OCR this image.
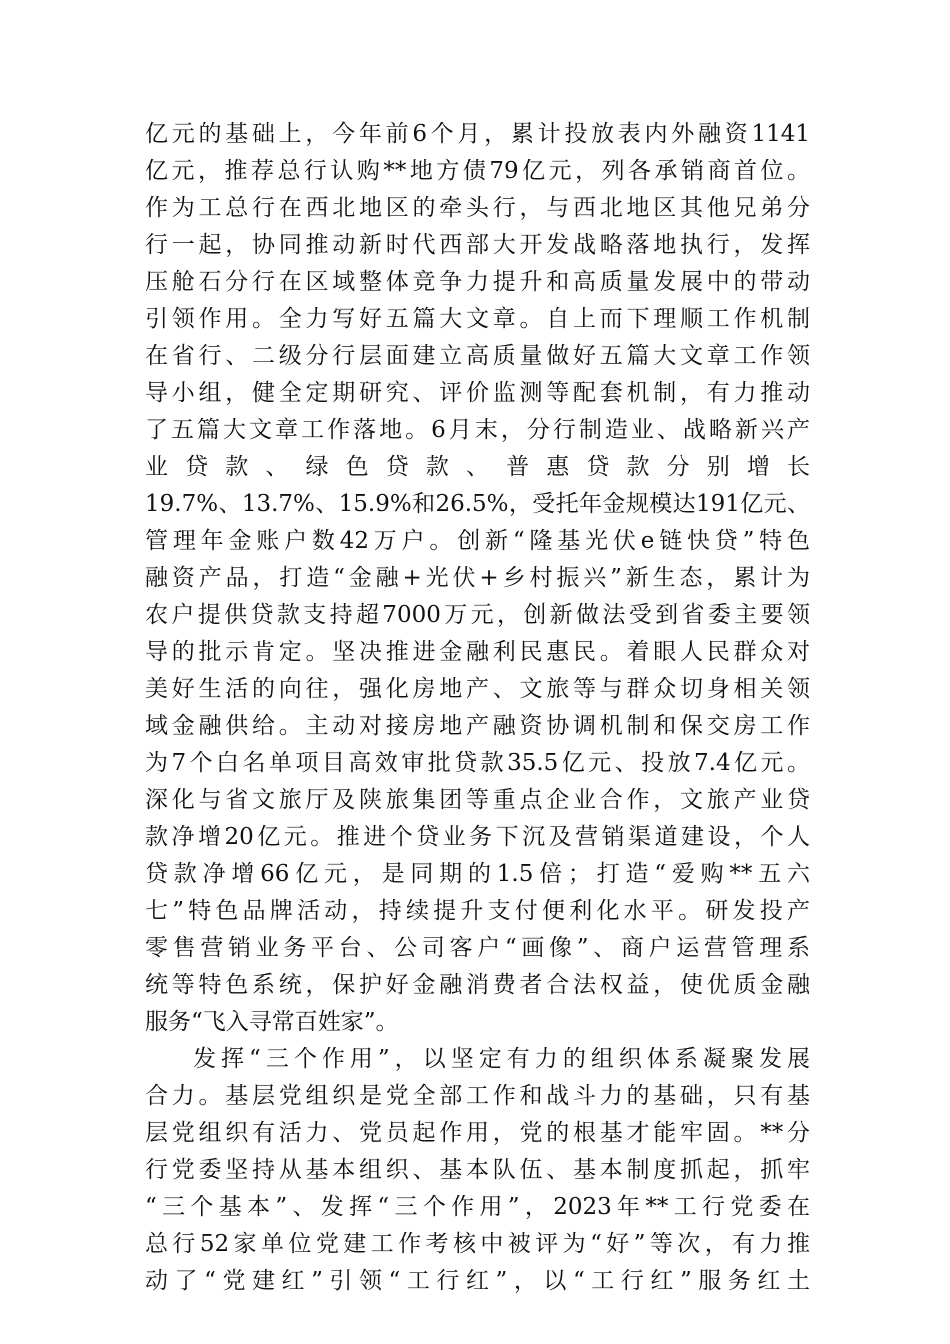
亿元的基础上，今年前6个月，累计投放表内外融资1141
亿元，推荐总行认购**地方债79亿元，列各承销商首位。
作为工总行在西北地区的牵头行，与西北地区其他兄弟分
行一起，协同推动新时代西部大开发战略落地执行，发挥
压舱石分行在区域整体竞争力提升和高质量发展中的带动
引领作用。全力写好五篇大文章。自上而下理顺工作机制
在省行、二级分行层面建立高质量做好五篇大文章工作领
导小组，健全定期研究、评价监测等配套机制，有力推动
了五篇大文章工作落地。6月末，分行制造业、战略新兴产
业贷款、绿色贷款、普惠贷款分别增长
19.7%、13.7%、15.9%和26.5%，受托年金规模达191亿元、
管理年金账户数42万户。创新“隆基光伏e链快贷”特色
融资产品，打造“金融+光伏+乡村振兴”新生态，累计为
农户提供贷款支持超7000万元，创新做法受到省委主要领
导的批示肯定。坚决推进金融利民惠民。着眼人民群众对
美好生活的向往，强化房地产、文旅等与群众切身相关领
域金融供给。主动对接房地产融资协调机制和保交房工作
为7个白名单项目高效审批贷款35.5亿元、投放7.4亿元。
深化与省文旅厅及陕旅集团等重点企业合作，文旅产业贷
款净增20亿元。推进个贷业务下沉及营销渠道建设，个人
贷款净增66亿元，是同期的1.5倍；打造“爱购**五六
七”特色品牌活动，持续提升支付便利化水平。研发投产
零售营销业务平台、公司客户“画像”、商户运营管理系
统等特色系统，保护好金融消费者合法权益，使优质金融
服务“飞入寻常百姓家”。
发挥“三个作用”，以坚定有力的组织体系凝聚发展
合力。基层党组织是党全部工作和战斗力的基础，只有基
层党组织有活力、党员起作用，党的根基才能牢固。**分
行党委坚持从基本组织、基本队伍、基本制度抓起，抓牢
“三个基本”、发挥“三个作用”，2023年**工行党委在
总行52家单位党建工作考核中被评为“好”等次，有力推
动了“党建红”引领“工行红”，以“工行红”服务红土
